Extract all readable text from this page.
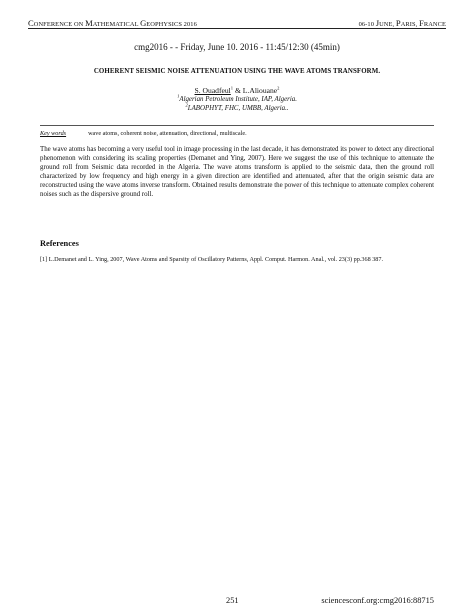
CONFERENCE ON MATHEMATICAL GEOPHYSICS 2016	06-10 JUNE, PARIS, FRANCE
cmg2016 - - Friday, June 10. 2016 - 11:45/12:30 (45min)
COHERENT SEISMIC NOISE ATTENUATION USING THE WAVE ATOMS TRANSFORM.
S. Ouadfeul$^1$ & L.Aliouane$^2$
$^1$Algerian Petroleum Institute, IAP, Algeria.
$^2$LABOPHYT, FHC, UMBB, Algeria..
Key words	wave atoms, coherent noise, attenuation, directional, multiscale.
The wave atoms has becoming a very useful tool in image processing in the last decade, it has demonstrated its power to detect any directional phenomenon with considering its scaling properties (Demanet and Ying, 2007). Here we suggest the use of this technique to attenuate the ground roll from Seismic data recorded in the Algeria. The wave atoms transform is applied to the seismic data, then the ground roll characterized by low frequency and high energy in a given direction are identified and attenuated, after that the origin seismic data are reconstructed using the wave atoms inverse transform. Obtained results demonstrate the power of this technique to attenuate complex coherent noises such as the dispersive ground roll.
References
[1] L.Demanet and L. Ying, 2007, Wave Atoms and Sparsity of Oscillatory Patterns, Appl. Comput. Harmon. Anal., vol. 23(3) pp.368 387.
251	sciencesconf.org:cmg2016:88715
